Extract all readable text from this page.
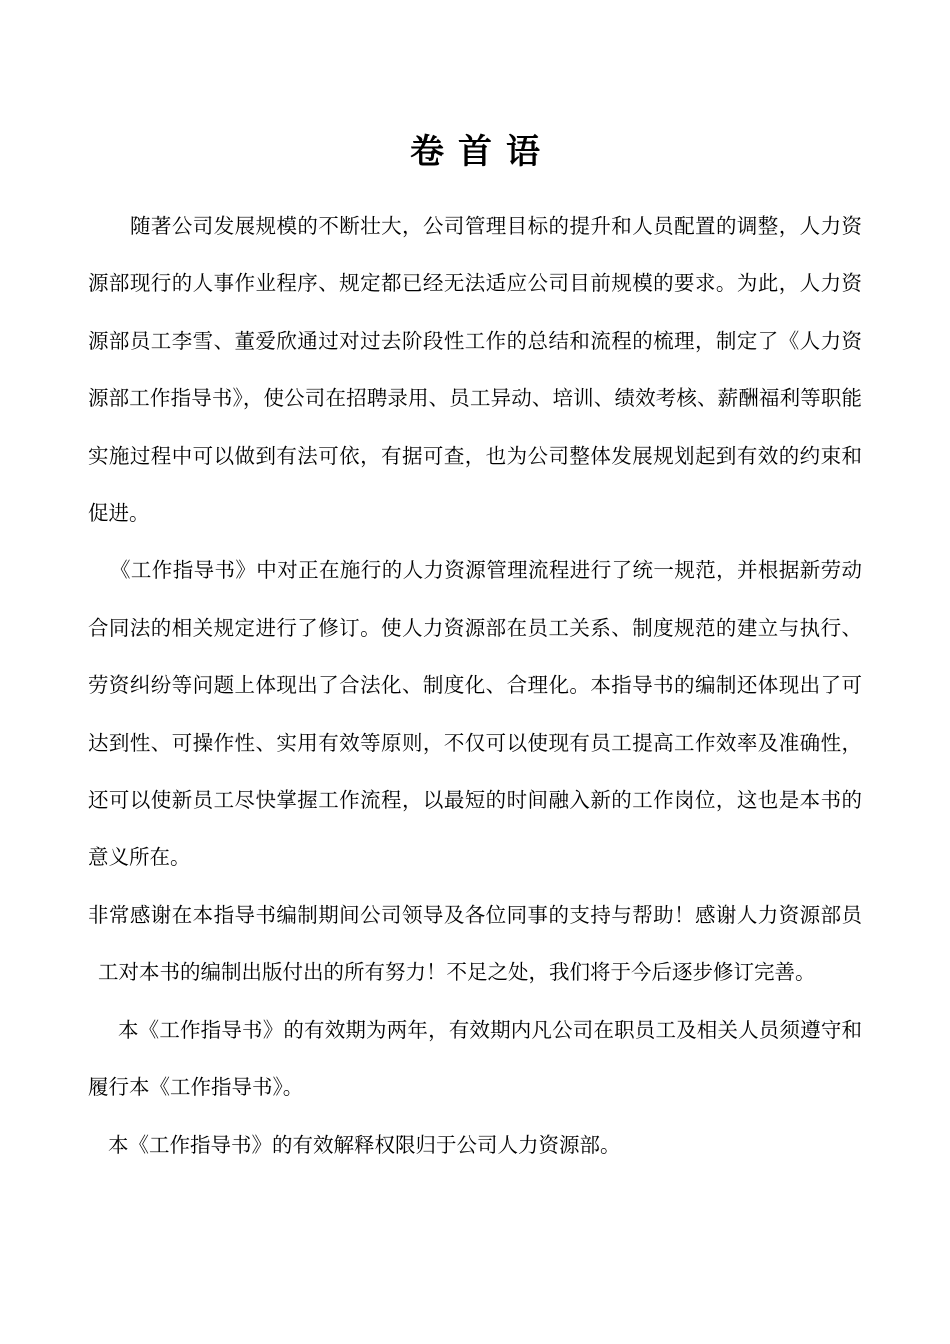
卷首语

随著公司发展规模的不断壮大，公司管理目标的提升和人员配置的调整，人力资源部现行的人事作业程序、规定都已经无法适应公司目前规模的要求。为此，人力资源部员工李雪、董爱欣通过对过去阶段性工作的总结和流程的梳理，制定了《人力资源部工作指导书》，使公司在招聘录用、员工异动、培训、绩效考核、薪酬福利等职能实施过程中可以做到有法可依，有据可查，也为公司整体发展规划起到有效的约束和促进。

《工作指导书》中对正在施行的人力资源管理流程进行了统一规范，并根据新劳动合同法的相关规定进行了修订。使人力资源部在员工关系、制度规范的建立与执行、劳资纠纷等问题上体现出了合法化、制度化、合理化。本指导书的编制还体现出了可达到性、可操作性、实用有效等原则，不仅可以使现有员工提高工作效率及准确性，还可以使新员工尽快掌握工作流程，以最短的时间融入新的工作岗位，这也是本书的意义所在。

非常感谢在本指导书编制期间公司领导及各位同事的支持与帮助！感谢人力资源部员工对本书的编制出版付出的所有努力！不足之处，我们将于今后逐步修订完善。

本《工作指导书》的有效期为两年，有效期内凡公司在职员工及相关人员须遵守和履行本《工作指导书》。

本《工作指导书》的有效解释权限归于公司人力资源部。
